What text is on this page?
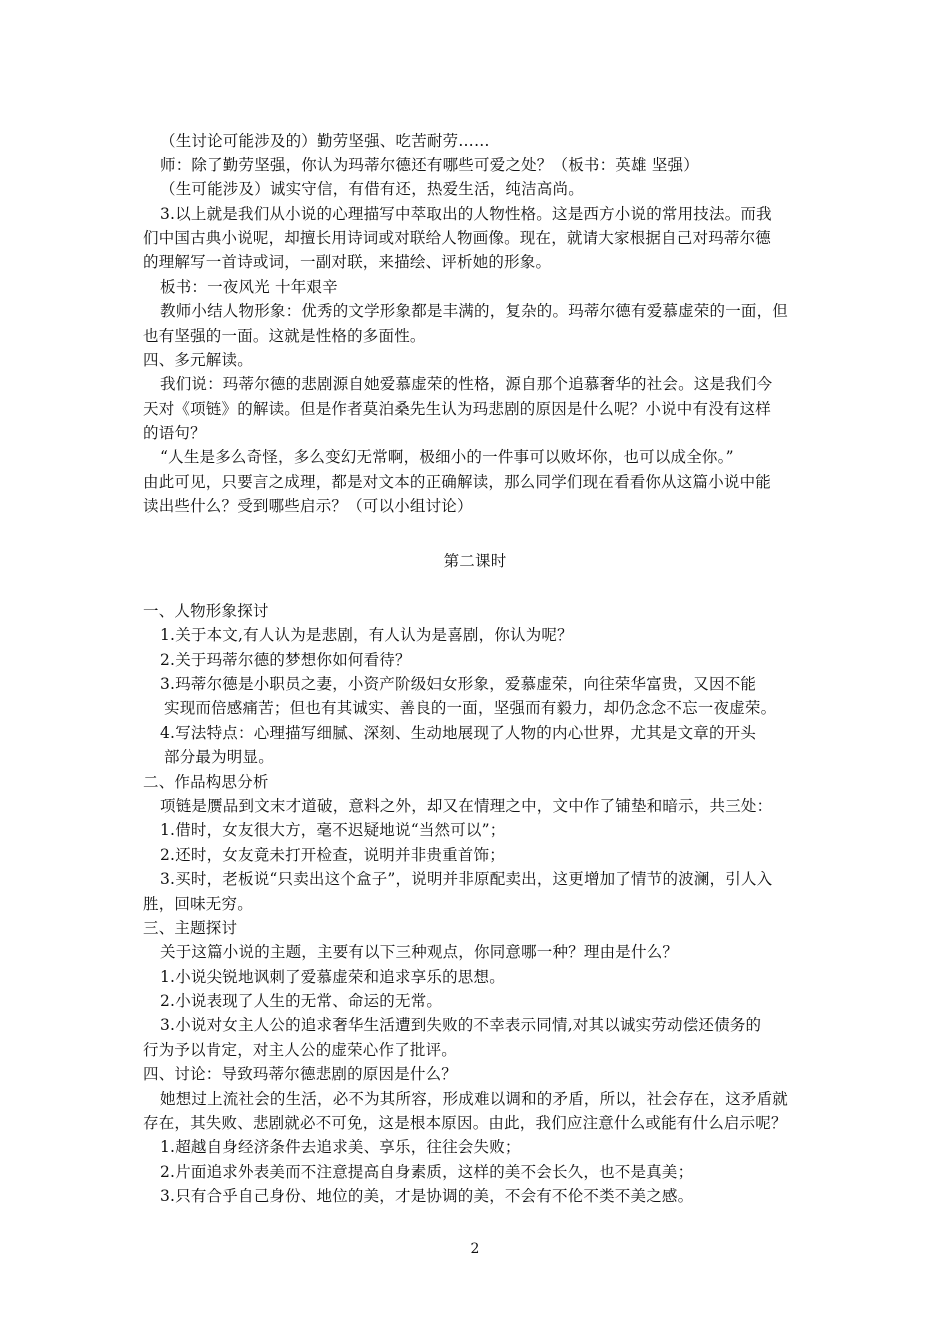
（生讨论可能涉及的）勤劳坚强、吃苦耐劳……
师：除了勤劳坚强，你认为玛蒂尔德还有哪些可爱之处？（板书：英雄 坚强）
（生可能涉及）诚实守信，有借有还，热爱生活，纯洁高尚。
3.以上就是我们从小说的心理描写中萃取出的人物性格。这是西方小说的常用技法。而我
们中国古典小说呢，却擅长用诗词或对联给人物画像。现在，就请大家根据自己对玛蒂尔德
的理解写一首诗或词，一副对联，来描绘、评析她的形象。
板书：一夜风光 十年艰辛
教师小结人物形象：优秀的文学形象都是丰满的，复杂的。玛蒂尔德有爱慕虚荣的一面，但
也有坚强的一面。这就是性格的多面性。
四、多元解读。
我们说：玛蒂尔德的悲剧源自她爱慕虚荣的性格，源自那个追慕奢华的社会。这是我们今
天对《项链》的解读。但是作者莫泊桑先生认为玛悲剧的原因是什么呢？小说中有没有这样
的语句？
“人生是多么奇怪，多么变幻无常啊，极细小的一件事可以败坏你，也可以成全你。”
由此可见，只要言之成理，都是对文本的正确解读，那么同学们现在看看你从这篇小说中能
读出些什么？受到哪些启示？（可以小组讨论）
第二课时
一、人物形象探讨
1.关于本文,有人认为是悲剧，有人认为是喜剧，你认为呢？
2.关于玛蒂尔德的梦想你如何看待？
3.玛蒂尔德是小职员之妻，小资产阶级妇女形象，爱慕虚荣，向往荣华富贵，又因不能
实现而倍感痛苦；但也有其诚实、善良的一面，坚强而有毅力，却仍念念不忘一夜虚荣。
4.写法特点：心理描写细腻、深刻、生动地展现了人物的内心世界，尤其是文章的开头
部分最为明显。
二、作品构思分析
项链是赝品到文末才道破，意料之外，却又在情理之中，文中作了铺垫和暗示，共三处：
1.借时，女友很大方，毫不迟疑地说“当然可以”；
2.还时，女友竟未打开检查，说明并非贵重首饰；
3.买时，老板说“只卖出这个盒子”，说明并非原配卖出，这更增加了情节的波澜，引人入
胜，回味无穷。
三、主题探讨
关于这篇小说的主题，主要有以下三种观点，你同意哪一种？理由是什么？
1.小说尖锐地讽刺了爱慕虚荣和追求享乐的思想。
2.小说表现了人生的无常、命运的无常。
3.小说对女主人公的追求奢华生活遭到失败的不幸表示同情,对其以诚实劳动偿还债务的
行为予以肯定，对主人公的虚荣心作了批评。
四、讨论：导致玛蒂尔德悲剧的原因是什么？
她想过上流社会的生活，必不为其所容，形成难以调和的矛盾，所以，社会存在，这矛盾就
存在，其失败、悲剧就必不可免，这是根本原因。由此，我们应注意什么或能有什么启示呢？
1.超越自身经济条件去追求美、享乐，往往会失败；
2.片面追求外表美而不注意提高自身素质，这样的美不会长久，也不是真美；
3.只有合乎自己身份、地位的美，才是协调的美，不会有不伦不类不美之感。
2
